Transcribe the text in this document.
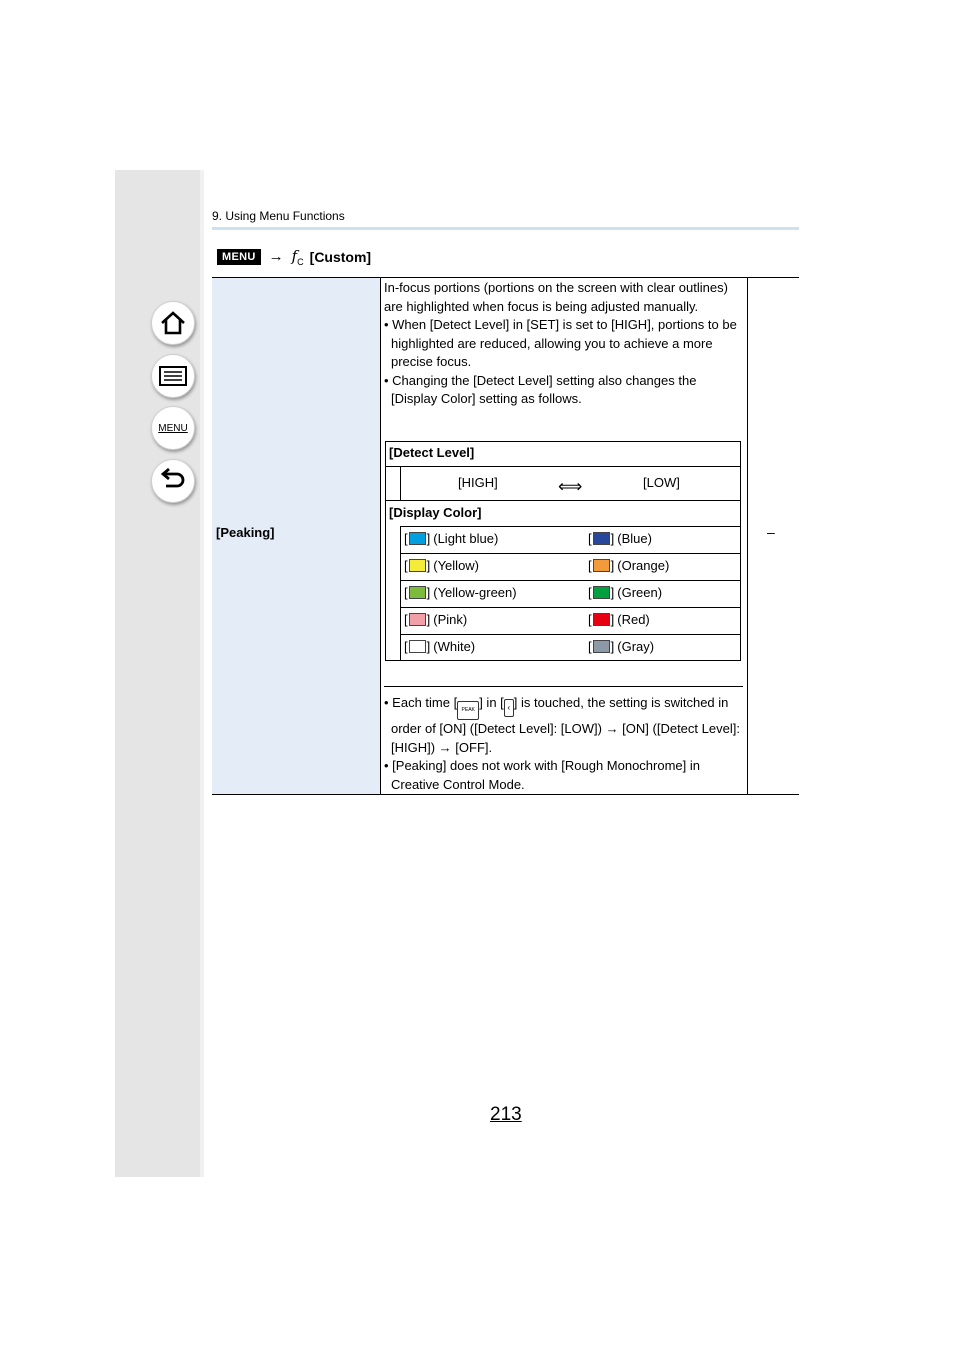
MENU
9. Using Menu Functions
MENU → $f_C$ [Custom]
[Peaking]	–

In-focus portions (portions on the screen with clear outlines) are highlighted when focus is being adjusted manually.

• When [Detect Level] in [SET] is set to [HIGH], portions to be highlighted are reduced, allowing you to achieve a more precise focus.

• Changing the [Detect Level] setting also changes the [Display Color] setting as follows.

[Detect Level]
[HIGH]	⟺	[LOW]
[Display Color]
[ ] (Light blue)	[ ] (Blue)
[ ] (Yellow)	[ ] (Orange)
[ ] (Yellow-green)	[ ] (Green)
[ ] (Pink)	[ ] (Red)
[ ] (White)	[ ] (Gray)

• Each time [ PEAK ] in [ ‹ ] is touched, the setting is switched in order of [ON] ([Detect Level]: [LOW]) → [ON] ([Detect Level]: [HIGH]) → [OFF].

• [Peaking] does not work with [Rough Monochrome] in Creative Control Mode.

213
